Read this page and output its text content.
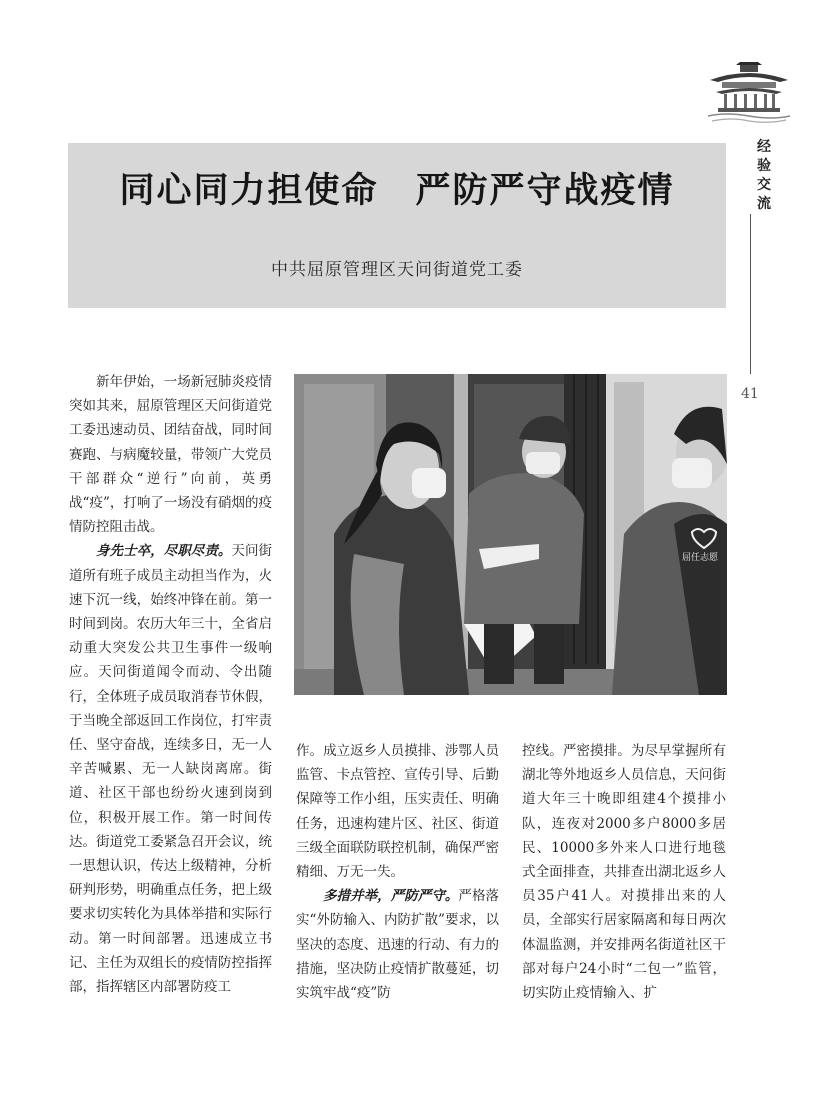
经验交流
41
同心同力担使命　严防严守战疫情
中共屈原管理区天问街道党工委
屈任志愿

新年伊始，一场新冠肺炎疫情突如其来，屈原管理区天问街道党工委迅速动员、团结奋战，同时间赛跑、与病魔较量，带领广大党员干部群众“逆行”向前，英勇战“疫”，打响了一场没有硝烟的疫情防控阻击战。

身先士卒，尽职尽责。天问街道所有班子成员主动担当作为，火速下沉一线，始终冲锋在前。第一时间到岗。农历大年三十，全省启动重大突发公共卫生事件一级响应。天问街道闻令而动、令出随行，全体班子成员取消春节休假，于当晚全部返回工作岗位，打牢责任、坚守奋战，连续多日，无一人辛苦喊累、无一人缺岗离席。街道、社区干部也纷纷火速到岗到位，积极开展工作。第一时间传达。街道党工委紧急召开会议，统一思想认识，传达上级精神，分析研判形势，明确重点任务，把上级要求切实转化为具体举措和实际行动。第一时间部署。迅速成立书记、主任为双组长的疫情防控指挥部，指挥辖区内部署防疫工

作。成立返乡人员摸排、涉鄂人员监管、卡点管控、宣传引导、后勤保障等工作小组，压实责任、明确任务，迅速构建片区、社区、街道三级全面联防联控机制，确保严密精细、万无一失。

多措并举，严防严守。严格落实“外防输入、内防扩散”要求，以坚决的态度、迅速的行动、有力的措施，坚决防止疫情扩散蔓延，切实筑牢战“疫”防

控线。严密摸排。为尽早掌握所有湖北等外地返乡人员信息，天问街道大年三十晚即组建4个摸排小队，连夜对2000多户8000多居民、10000多外来人口进行地毯式全面排查，共排查出湖北返乡人员35户41人。对摸排出来的人员，全部实行居家隔离和每日两次体温监测，并安排两名街道社区干部对每户24小时“二包一”监管，切实防止疫情输入、扩
